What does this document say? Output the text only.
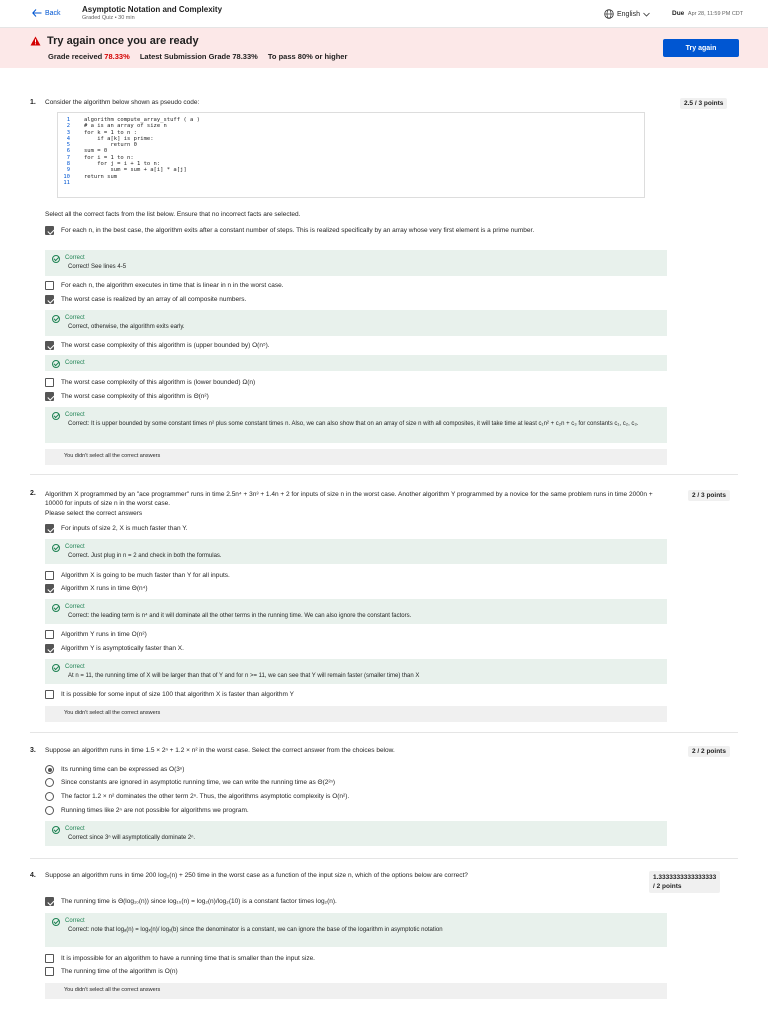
Back	Asymptotic Notation and Complexity
Graded Quiz • 30 min
English	Due Apr 28, 11:59 PM CDT
Try again once you are ready
Grade received 78.33% Latest Submission Grade 78.33% To pass 80% or higher
Try again
1. Consider the algorithm below shown as pseudo code:	2.5 / 3 points
1
2
3
4
5
6
7
8
9
10
11
algorithm compute_array_stuff ( a )
# a is an array of size n
for k = 1 to n :
if a[k] is prime:
return 0
sum = 0
for i = 1 to n:
for j = i + 1 to n:
sum = sum + a[i] * a[j]
return sum

Select all the correct facts from the list below. Ensure that no incorrect facts are selected.
For each n, in the best case, the algorithm exits after a constant number of steps. This is realized specifically by an array whose very first element is a prime number.
Correct
Correct! See lines 4-5
For each n, the algorithm executes in time that is linear in n in the worst case.
The worst case is realized by an array of all composite numbers.
Correct
Correct, otherwise, the algorithm exits early.
The worst case complexity of this algorithm is (upper bounded by) O(n⁵).
Correct
The worst case complexity of this algorithm is (lower bounded) Ω(n)
The worst case complexity of this algorithm is Θ(n²)
Correct
Correct: It is upper bounded by some constant times n² plus some constant times n. Also, we can also show that on an array of size n with all composites, it will take time at least c₁n² + c₂n + c₃ for constants c₁, c₂, c₃.
You didn't select all the correct answers
2. Algorithm X programmed by an "ace programmer" runs in time 2.5n⁴ + 3n³ + 1.4n + 2 for inputs of size n in the worst case. Another algorithm Y programmed by a novice for the same problem runs in time 2000n + 10000 for inputs of size n in the worst case.
Please select the correct answers
2 / 3 points
For inputs of size 2, X is much faster than Y.
Correct
Correct. Just plug in n = 2 and check in both the formulas.
Algorithm X is going to be much faster than Y for all inputs.
Algorithm X runs in time Θ(n⁴)
Correct
Correct: the leading term is n⁴ and it will dominate all the other terms in the running time. We can also ignore the constant factors.
Algorithm Y runs in time O(n²)
Algorithm Y is asymptotically faster than X.
Correct
At n = 11, the running time of X will be larger than that of Y and for n >= 11, we can see that Y will remain faster (smaller time) than X
It is possible for some input of size 100 that algorithm X is faster than algorithm Y
You didn't select all the correct answers
3. Suppose an algorithm runs in time 1.5 × 2ⁿ + 1.2 × n² in the worst case. Select the correct answer from the choices below.	2 / 2 points
Its running time can be expressed as O(3ⁿ)
Since constants are ignored in asymptotic running time, we can write the running time as Θ(2²ⁿ)
The factor 1.2 × n² dominates the other term 2ⁿ. Thus, the algorithms asymptotic complexity is O(n²).
Running times like 2ⁿ are not possible for algorithms we program.
Correct
Correct since 3ⁿ will asymptotically dominate 2ⁿ.
4. Suppose an algorithm runs in time 200 log₂(n) + 250 time in the worst case as a function of the input size n, which of the options below are correct?	1.3333333333333333
/ 2 points
The running time is Θ(log₁₀(n)) since log₁₀(n) = log₂(n)/log₂(10) is a constant factor times log₂(n).
Correct
Correct: note that logₐ(n) = logₓ(n)/ logₓ(b) since the denominator is a constant, we can ignore the base of the logarithm in asymptotic notation
It is impossible for an algorithm to have a running time that is smaller than the input size.
The running time of the algorithm is O(n)
You didn't select all the correct answers
